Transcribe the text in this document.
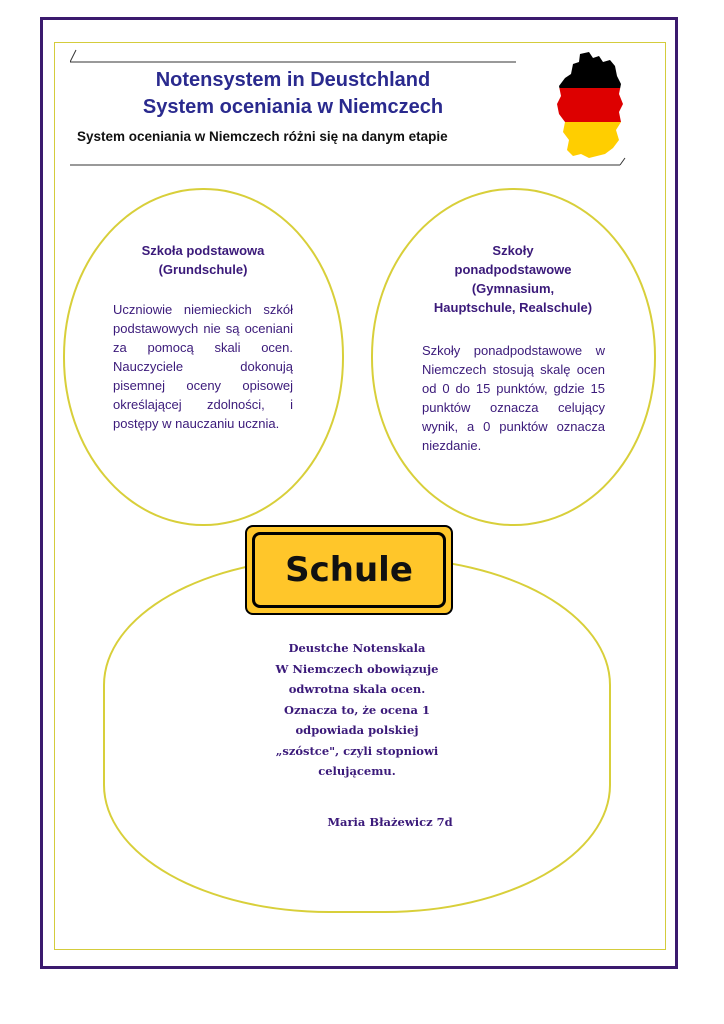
Notensystem in Deustchland
System oceniania w Niemczech
System oceniania w Niemczech różni się na danym etapie
Szkoła podstawowa
(Grundschule)
Uczniowie niemieckich szkół podstawowych nie są oceniani za pomocą skali ocen. Nauczyciele dokonują pisemnej oceny opisowej określającej zdolności, i postępy w nauczaniu ucznia.
Szkoły
ponadpodstawowe
(Gymnasium,
Hauptschule, Realschule)
Szkoły ponadpodstawowe w Niemczech stosują skalę ocen od 0 do 15 punktów, gdzie 15 punktów oznacza celujący wynik, a 0 punktów oznacza niezdanie.
Schule
Deustche Notenskala
W Niemczech obowiązuje
odwrotna skala ocen.
Oznacza to, że ocena 1
odpowiada polskiej
„szóstce", czyli stopniowi
celującemu.
Maria Błażewicz 7d
